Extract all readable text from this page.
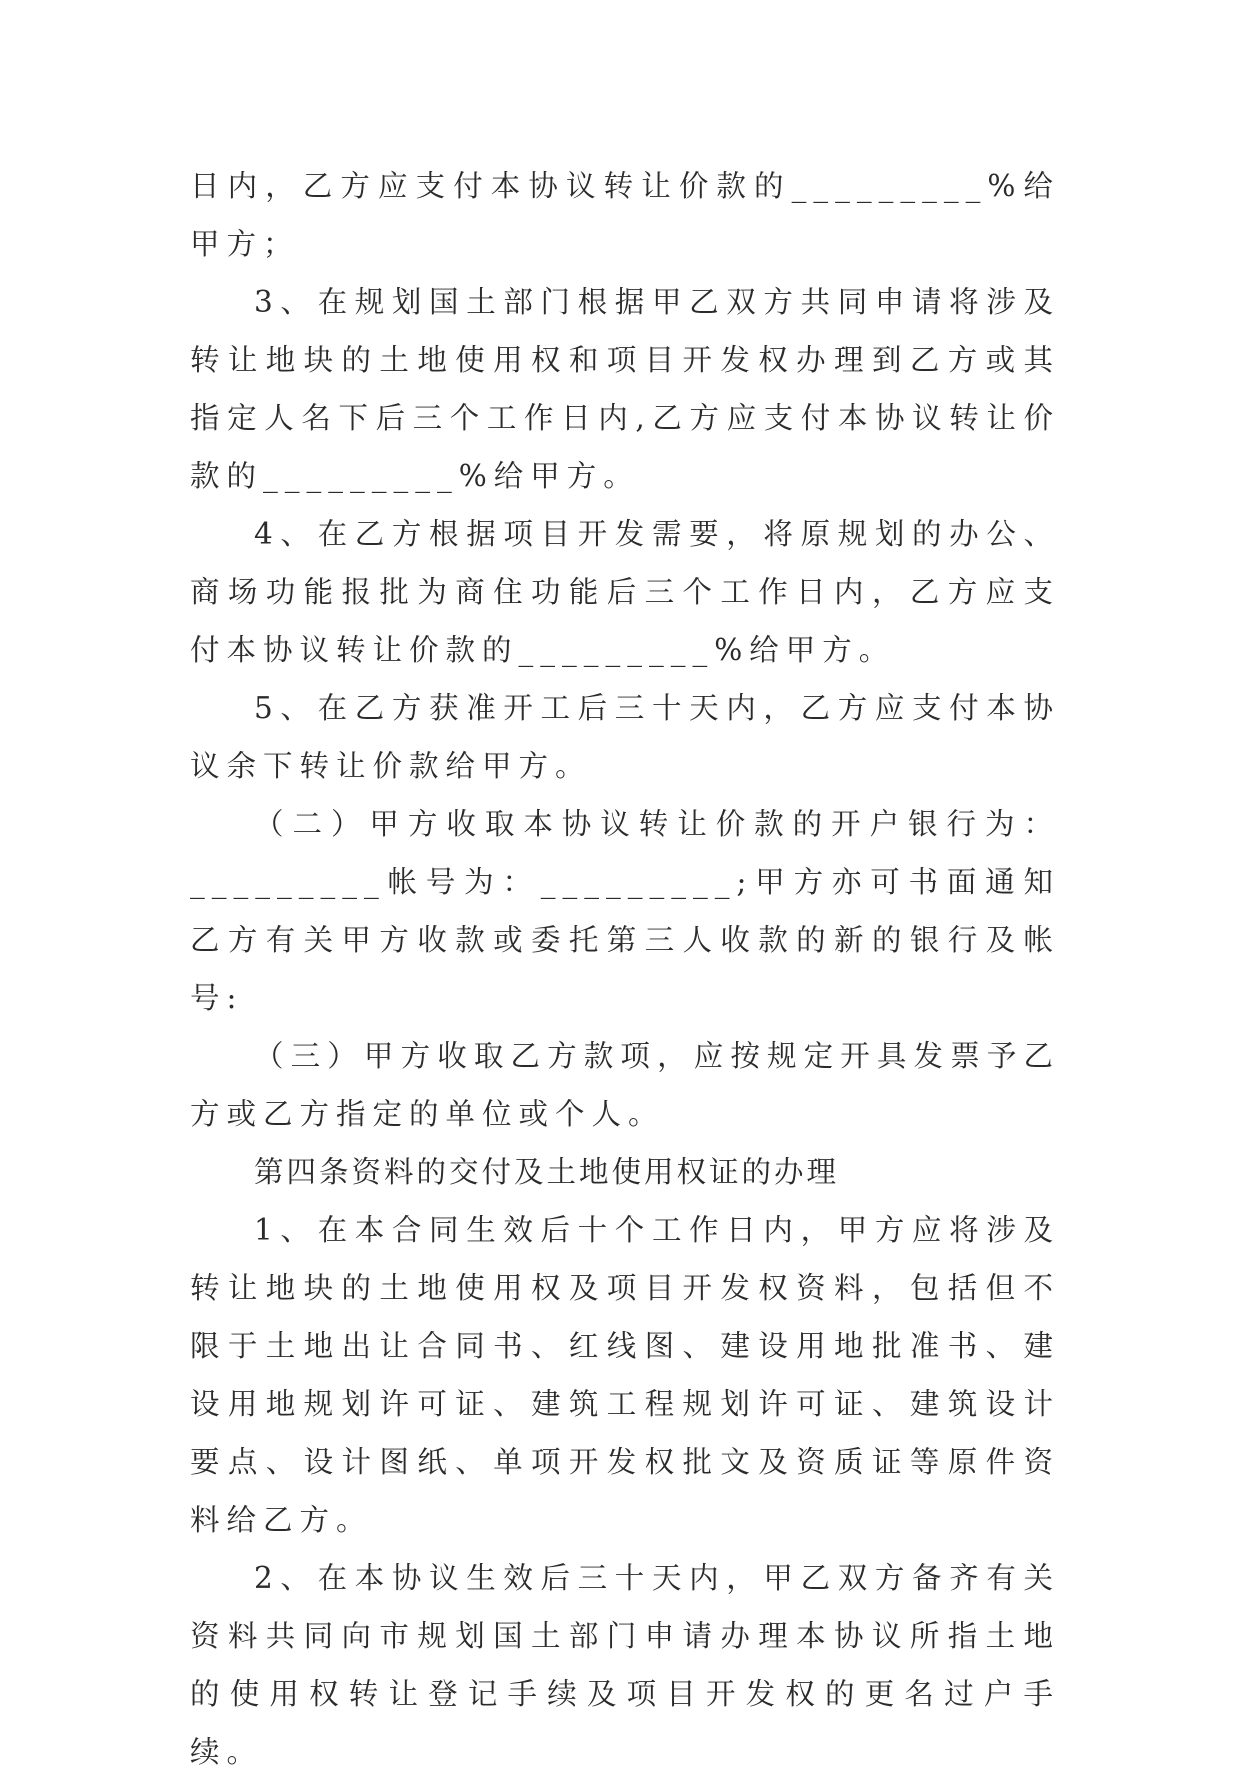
日内，乙方应支付本协议转让价款的_________%给甲方；

3、在规划国土部门根据甲乙双方共同申请将涉及转让地块的土地使用权和项目开发权办理到乙方或其指定人名下后三个工作日内,乙方应支付本协议转让价款的_________%给甲方。

4、在乙方根据项目开发需要，将原规划的办公、商场功能报批为商住功能后三个工作日内，乙方应支付本协议转让价款的_________%给甲方。

5、在乙方获准开工后三十天内，乙方应支付本协议余下转让价款给甲方。

（二）甲方收取本协议转让价款的开户银行为：_________帐号为：_________;甲方亦可书面通知乙方有关甲方收款或委托第三人收款的新的银行及帐号:

（三）甲方收取乙方款项，应按规定开具发票予乙方或乙方指定的单位或个人。

第四条资料的交付及土地使用权证的办理

1、在本合同生效后十个工作日内，甲方应将涉及转让地块的土地使用权及项目开发权资料，包括但不限于土地出让合同书、红线图、建设用地批准书、建设用地规划许可证、建筑工程规划许可证、建筑设计要点、设计图纸、单项开发权批文及资质证等原件资料给乙方。

2、在本协议生效后三十天内，甲乙双方备齐有关资料共同向市规划国土部门申请办理本协议所指土地的使用权转让登记手续及项目开发权的更名过户手续。
